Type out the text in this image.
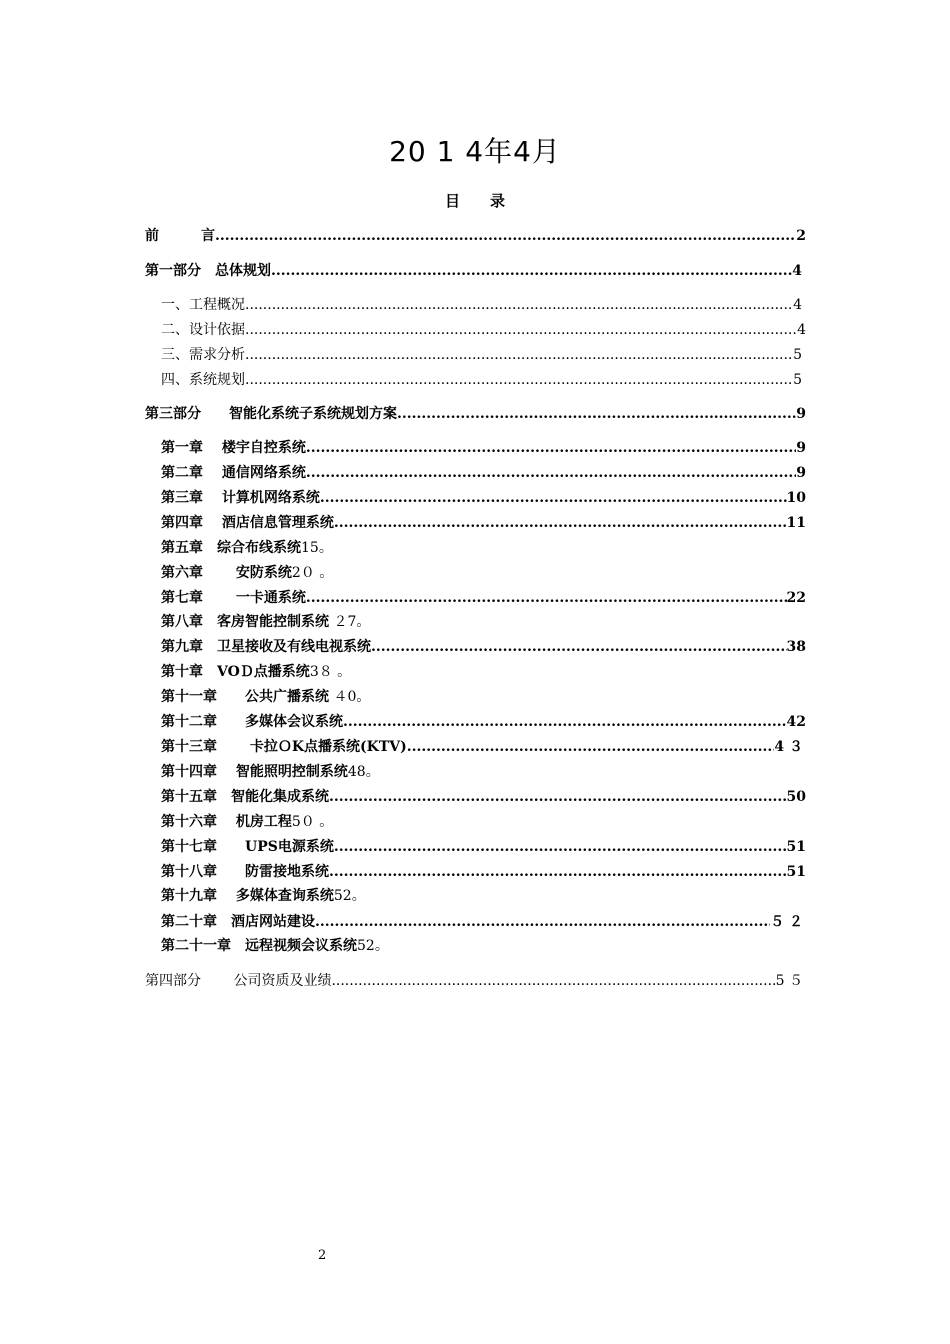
20 1 4年4月
目　　录
前　　　言 .....	2
第一部分　总体规划 .....	4
一、工程概况 .....	4
二、设计依据 .....	4
三、需求分析 .....	5
四、系统规划 .....	5
第三部分　　智能化系统子系统规划方案 .....	9
第一章　 楼宇自控系统 .....	9
第二章　 通信网络系统 .....	9
第三章　 计算机网络系统 .....	10
第四章　 酒店信息管理系统 .....	11
第五章　综合布线系统 15。
第六章　　 安防系统 2０ 。
第七章　　 一卡通系统 .....	22
第八章　客房智能控制系统 ２7。
第九章　卫星接收及有线电视系统 .....	38
第十章　VOＤ点播系统 3８ 。
第十一章　　公共广播系统 ４0。
第十二章　　多媒体会议系统 .....	42
第十三章　　 卡拉ＯK点播系统(KTV) .....	4 ３
第十四章　 智能照明控制系统 48。
第十五章　智能化集成系统 .....	50
第十六章　 机房工程 5０ 。
第十七章　　UPS电源系统 .....	51
第十八章　　防雷接地系统 .....	51
第十九章　 多媒体查询系统 52。
第二十章　酒店网站建设 .....	５ ２
第二十一章　远程视频会议系统 52。
第四部分　　 公司资质及业绩 .....	5 ５
2
